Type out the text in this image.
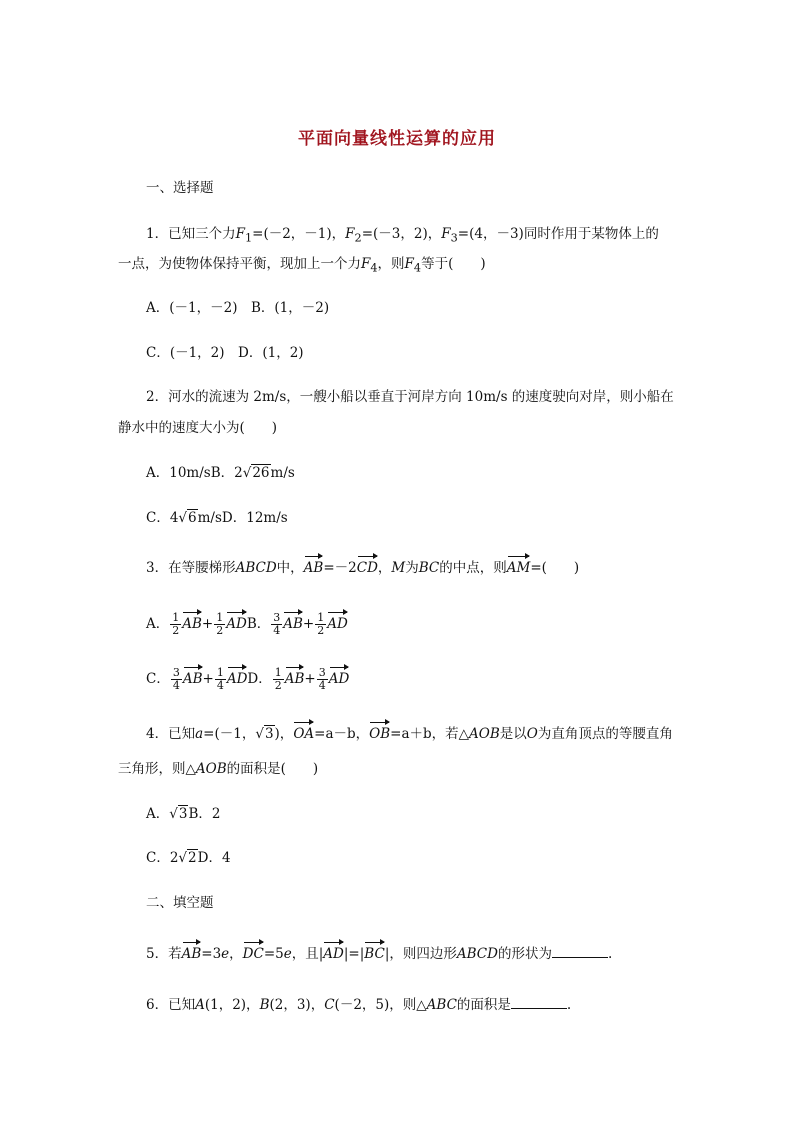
平面向量线性运算的应用
一、选择题
1．已知三个力$F_1=(-2$，－1)，$F_2=(-3$，2)，$F_3=(4$，－3)同时作用于某物体上的
一点，为使物体保持平衡，现加上一个力$F_4$，则$F_4$等于(　　)
A．(－1，－2)　B．(1，－2)
C．(－1，2)　D．(1，2)
2．河水的流速为 2m/s，一艘小船以垂直于河岸方向 10m/s 的速度驶向对岸，则小船在
静水中的速度大小为(　　)
A．10m/sB．2√26m/s
C．4√6m/sD．12m/s
3．在等腰梯形ABCD中，AB=－2CD，M为BC的中点，则AM=(　　)
A． $\frac{1}{2} AB+ \frac{1}{2}$ ADB． $\frac{3}{4} AB+ \frac{1}{2}$ AD
C． $\frac{3}{4} AB+ \frac{1}{4}$ ADD． $\frac{1}{2} AB+ \frac{3}{4}$ AD
4．已知a=(－1，√3)，OA=a－b，OB=a＋b，若△AOB是以O为直角顶点的等腰直角
三角形，则△AOB的面积是(　　)
A．√3B．2
C．2√2D．4
二、填空题
5．若AB=3e，DC=5e，且|AD|=|BC|，则四边形ABCD的形状为	.
6．已知A(1，2)，B(2，3)，C(－2，5)，则△ABC的面积是	.
